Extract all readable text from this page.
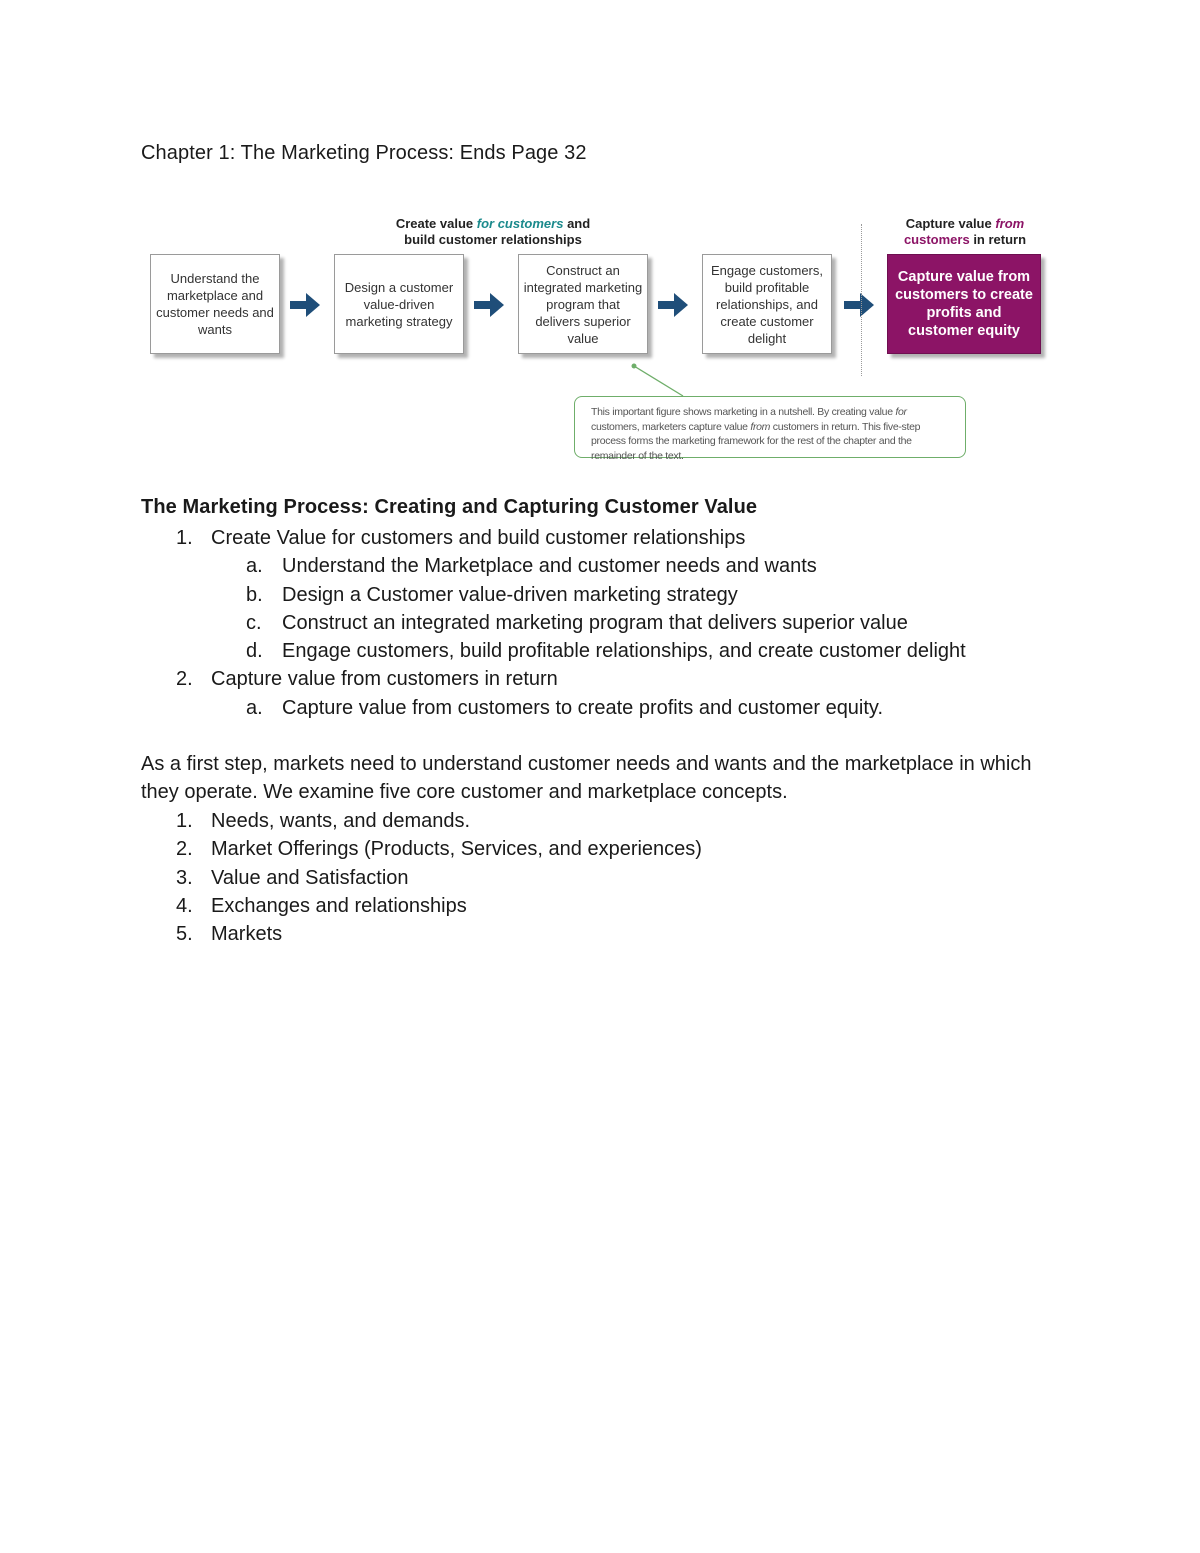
Chapter 1: The Marketing Process: Ends Page 32
Create value for customers and
build customer relationships
Capture value from
customers in return
Understand the marketplace and customer needs and wants
Design a customer value-driven marketing strategy
Construct an integrated marketing program that delivers superior value
Engage customers, build profitable relationships, and create customer delight
Capture value from customers to create profits and customer equity
This important figure shows marketing in a nutshell. By creating value for customers, marketers capture value from customers in return. This five-step process forms the marketing framework for the rest of the chapter and the remainder of the text.
The Marketing Process: Creating and Capturing Customer Value
1. Create Value for customers and build customer relationships
a. Understand the Marketplace and customer needs and wants
b. Design a Customer value-driven marketing strategy
c.	Construct an integrated marketing program that delivers superior value
d. Engage customers, build profitable relationships, and create customer delight
2. Capture value from customers in return
a. Capture value from customers to create profits and customer equity.

As a first step, markets need to understand customer needs and wants and the marketplace in which they operate. We examine five core customer and marketplace concepts.

1. Needs, wants, and demands.
2. Market Offerings (Products, Services, and experiences)
3. Value and Satisfaction
4. Exchanges and relationships
5. Markets
